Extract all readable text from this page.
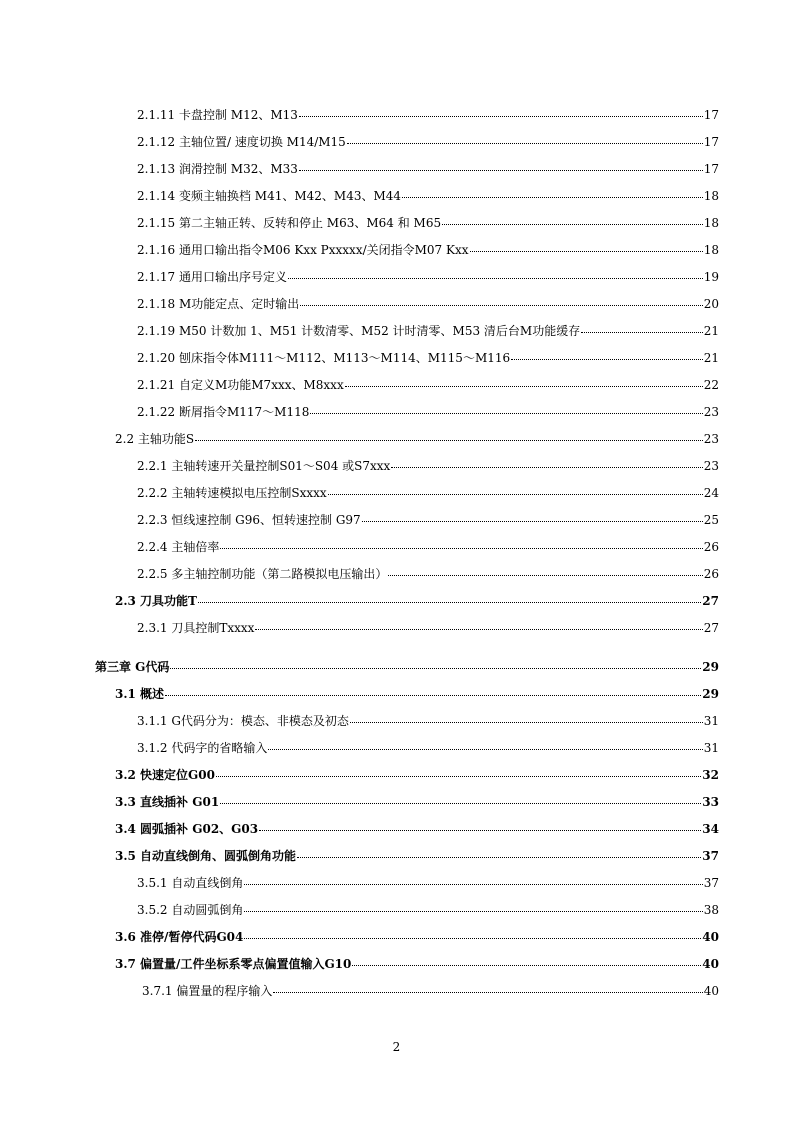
2.1.11 卡盘控制 M12、M13	17
2.1.12 主轴位置/ 速度切换 M14/M15	17
2.1.13 润滑控制 M32、M33	17
2.1.14 变频主轴换档 M41、M42、M43、M44	18
2.1.15 第二主轴正转、反转和停止 M63、M64 和 M65	18
2.1.16 通用口输出指令M06 Kxx Pxxxxx/关闭指令M07 Kxx	18
2.1.17 通用口输出序号定义	19
2.1.18 M功能定点、定时输出	20
2.1.19 M50 计数加 1、M51 计数清零、M52 计时清零、M53 清后台M功能缓存	21
2.1.20 刨床指令体M111～M112、M113～M114、M115～M116	21
2.1.21 自定义M功能M7xxx、M8xxx	22
2.1.22 断屑指令M117～M118	23
2.2 主轴功能S	23
2.2.1 主轴转速开关量控制S01～S04 或S7xxx	23
2.2.2 主轴转速模拟电压控制Sxxxx	24
2.2.3 恒线速控制 G96、恒转速控制 G97	25
2.2.4 主轴倍率	26
2.2.5 多主轴控制功能（第二路模拟电压输出）	26
2.3 刀具功能T	27
2.3.1 刀具控制Txxxx	27
第三章 G代码	29
3.1 概述	29
3.1.1 G代码分为：模态、非模态及初态	31
3.1.2 代码字的省略输入	31
3.2 快速定位G00	32
3.3 直线插补 G01	33
3.4 圆弧插补 G02、G03	34
3.5 自动直线倒角、圆弧倒角功能	37
3.5.1 自动直线倒角	37
3.5.2 自动圆弧倒角	38
3.6 准停/暂停代码G04	40
3.7 偏置量/工件坐标系零点偏置值输入G10	40
3.7.1 偏置量的程序输入	40
2
